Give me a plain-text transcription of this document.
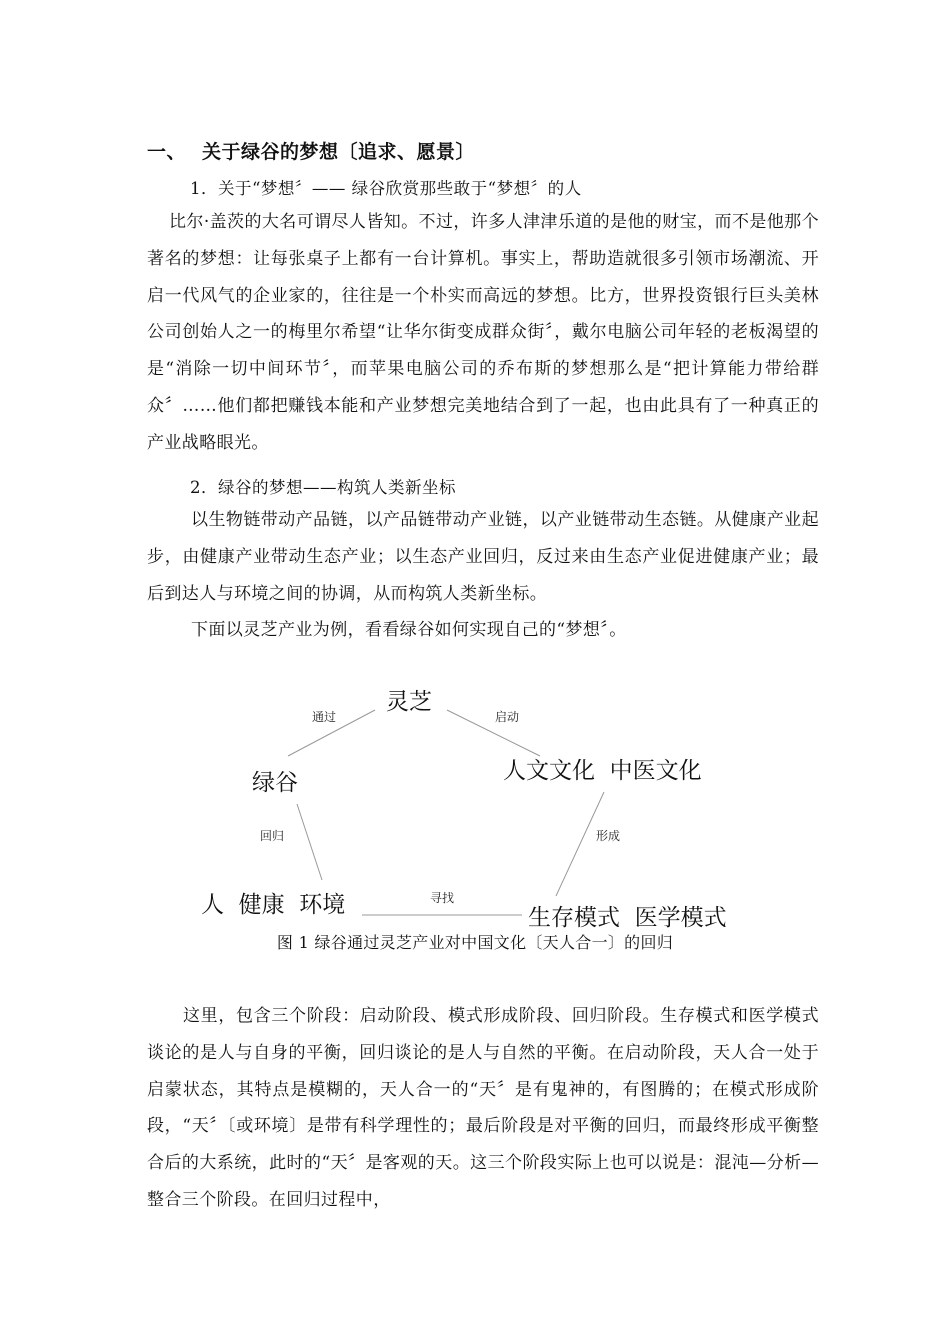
一、 关于绿谷的梦想〔追求、愿景〕
1．关于“梦想〞—— 绿谷欣赏那些敢于“梦想〞的人

比尔·盖茨的大名可谓尽人皆知。不过，许多人津津乐道的是他的财宝，而不是他那个著名的梦想：让每张桌子上都有一台计算机。事实上，帮助造就很多引领市场潮流、开启一代风气的企业家的，往往是一个朴实而高远的梦想。比方，世界投资银行巨头美林公司创始人之一的梅里尔希望“让华尔街变成群众街〞，戴尔电脑公司年轻的老板渴望的是“消除一切中间环节〞，而苹果电脑公司的乔布斯的梦想那么是“把计算能力带给群众〞……他们都把赚钱本能和产业梦想完美地结合到了一起，也由此具有了一种真正的产业战略眼光。

2．绿谷的梦想——构筑人类新坐标

以生物链带动产品链，以产品链带动产业链，以产业链带动生态链。从健康产业起步，由健康产业带动生态产业；以生态产业回归，反过来由生态产业促进健康产业；最后到达人与环境之间的协调，从而构筑人类新坐标。

下面以灵芝产业为例，看看绿谷如何实现自己的“梦想〞。

灵芝
绿谷	人文文化  中医文化
人  健康  环境	生存模式  医学模式
通过	启动
形成
寻找
回归
图 1 绿谷通过灵芝产业对中国文化〔天人合一〕的回归

这里，包含三个阶段：启动阶段、模式形成阶段、回归阶段。生存模式和医学模式谈论的是人与自身的平衡，回归谈论的是人与自然的平衡。在启动阶段，天人合一处于启蒙状态，其特点是模糊的，天人合一的“天〞是有鬼神的，有图腾的；在模式形成阶段，“天〞〔或环境〕是带有科学理性的；最后阶段是对平衡的回归，而最终形成平衡整合后的大系统，此时的“天〞是客观的天。这三个阶段实际上也可以说是：混沌—分析—整合三个阶段。在回归过程中，
